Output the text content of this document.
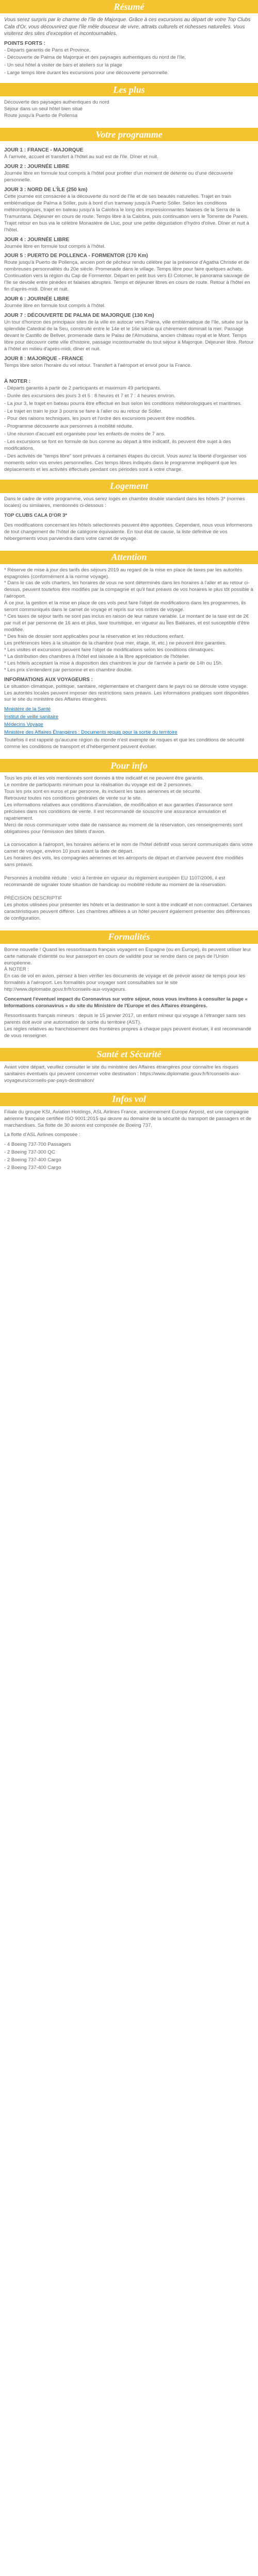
Résumé

Vous serez surpris par le charme de l'île de Majorque. Grâce à ces excursions au départ de votre Top Clubs Cala d'Or, vous découvrirez que l'île mêle douceur de vivre, attraits culturels et richesses naturelles. Vous visiterez des sites d'exception et incontournables.

POINTS FORTS :

- Départs garantis de Paris et Province,

- Découverte de Palma de Majorque et des paysages authentiques du nord de l'île,

- Un seul hôtel à visiter de bars et ateliers sur la plage

- Large temps libre durant les excursions pour une découverte personnelle.

Les plus

Découverte des paysages authentiques du nord
Séjour dans un seul hôtel bien situé
Route jusqu'à Puerto de Pollensa

Votre programme

JOUR 1 : FRANCE - MAJORQUE

À l'arrivée, accueil et transfert à l'hôtel au sud est de l'île. Dîner et nuit.

JOUR 2 : JOURNÉE LIBRE

Journée libre en formule tout compris à l'hôtel pour profiter d'un moment de détente ou d'une découverte personnelle.

JOUR 3 : NORD DE L'ÎLE (250 km)

Cette journée est consacrée à la découverte du nord de l'île et de ses beautés naturelles. Trajet en train emblématique de Palma à Sóller, puis à bord d'un tramway jusqu'à Puerto Sóller. Selon les conditions météorologiques, trajet en bateau jusqu'à la Calobra le long des impressionnantes falaises de la Serra de la Tramuntana. Déjeuner en cours de route. Temps libre à la Calobra, puis continuation vers le Torrente de Pareis. Trajet retour en bus via le célèbre Monastère de Lluc, pour une petite dégustation d'hydro d'olive. Dîner et nuit à l'hôtel.

JOUR 4 : JOURNÉE LIBRE

Journée libre en formule tout compris à l'hôtel.

JOUR 5 : PUERTO DE POLLENCA - FORMENTOR (170 Km)

Route jusqu'à Puerto de Pollença, ancien port de pêcheur rendu célèbre par la présence d'Agatha Christie et de nombreuses personnalités du 20e siècle. Promenade dans le village. Temps libre pour faire quelques achats. Continuation vers la région du Cap de Formentor. Départ en petit bus vers El Colomer, le panorama sauvage de l'île se devoile entre pinèdes et falaises abruptes. Temps et déjeuner libres en cours de route. Retour à l'hôtel en fin d'après-midi. Dîner et nuit.

JOUR 6 : JOURNÉE LIBRE

Journée libre en formule tout compris à l'hôtel.

JOUR 7 : DÉCOUVERTE DE PALMA DE MAJORQUE (130 Km)

Un tour d'horizon des principaux sites de la ville en autocar vers Palma, ville emblématique de l'île, située sur la splendide Catedral de la Seu, construite entre le 14e et le 16e siècle qui chèrement dominait la mer. Passage devant le Castillo de Bellver, promenade dans le Palau de l'Almudaina, ancien château royal et le Mont. Temps libre pour découvrir cette ville d'histoire, passage incontournable du tout séjour à Majorque. Déjeuner libre. Retour à l'hôtel en milieu d'après-midi, dîner et nuit.

JOUR 8 : MAJORQUE - FRANCE

Temps libre selon l'horaire du vol retour. Transfert à l'aéroport et envol pour la France.

À NOTER :

- Départs garantis à partir de 2 participants et maximum 49 participants.

- Durée des excursions des jours 3 et 5 : 8 heures et 7 et 7 : 4 heures environ.

- La jour 3, le trajet en bateau pourra être effectué en bus selon les conditions météorologiques et maritimes.

- Le trajet en train le jour 3 pourra se faire à l'aller ou au retour de Sóller.

- Pour des raisons techniques, les jours et l'ordre des excursions peuvent être modifiés.

- Programme découverte aux personnes à mobilité réduite.

- Une réunion d'accueil est organisée pour les enfants de moins de 7 ans.

- Les excursions se font en formule de bus comme au départ à titre indicatif, ils peuvent être sujet à des modifications.

- Des activités de "temps libre" sont prévues à certaines étapes du circuit. Vous aurez la liberté d'organiser vos moments selon vos envies personnelles. Ces temps libres indiqués dans le programme impliquent que les déplacements et les activités éffectués pendant ces périodes sont à votre charge.

Logement

Dans le cadre de votre programme, vous serez logés en chambre double standard dans les hôtels 3* (normes locales) ou similaires, mentionnés ci-dessous :

TOP CLUBS CALA D'OR 3*

Des modifications concernant les hôtels sélectionnés peuvent être apportées. Cependant, nous vous informerons de tout changement de l'hôtel de catégorie équivalente. En tout état de cause, la liste définitive de vos hébergements vous parviendra dans votre carnet de voyage.

Attention

* Réserve de mise à jour des tarifs des séjours 2019 au regard de la mise en place de taxes par les autorités espagnoles (conformément à la norme voyage).
* Dans le cas de vols charters, les horaires de vous ne sont déterminés dans les horaires à l'aller et au retour ci-dessus, peuvent toutefois être modifiés par la compagnie et qu'il faut préavis de vos horaires le plus tôt possible à l'aéroport.
À ce jour, la gestion et la mise en place de ces vols peut faire l'objet de modifications dans les programmes, ils seront communiqués dans le carnet de voyage et repris sur vos ordres de voyage.
* Ces taxes de séjour tarifs ne sont pas inclus en raison de leur nature variable. Le montant de la taxe est de 2€ par nuit et par personne de 16 ans et plus, taxe touristique, en vigueur au Îles Baléares, et est susceptible d'être modifiée.
* Des frais de dossier sont applicables pour la réservation et les réductions enfant.
Les préférences liées à la situation de la chambre (vue mer, étage, lit, etc.) ne peuvent être garanties.
* Les visites et excursions peuvent faire l'objet de modifications selon les conditions climatiques.
* La distribution des chambres à l'hôtel est laissée à la libre appréciation de l'hôtelier.
* Les hôtels acceptant la mise à disposition des chambres le jour de l'arrivée à partir de 14h ou 15h.
* Les prix s'entendent par personne et en chambre double.

INFORMATIONS AUX VOYAGEURS :

Le situation climatique, politique, sanitaire, réglementaire et changent dans le pays où se déroule votre voyage. Les autorités locales peuvent imposer des restrictions sans préavis. Les informations pratiques sont disponibles sur le site du ministère des Affaires étrangères.

Ministère de la Santé

Institut de veille sanitaire

Médecins Voyage

Ministère des Affaires Étrangères : Documents requis pour la sortie du territoire

Toutefois il est rappelé qu'aucune région du monde n'est exempte de risques et que les conditions de sécurité comme les conditions de transport et d'hébergement peuvent évoluer.

Pour info

Tous les prix et les vols mentionnés sont donnés à titre indicatif et ne peuvent être garantis.
Le nombre de participants minimum pour la réalisation du voyage est de 2 personnes.
Tous les prix sont en euros et par personne, ils incluent les taxes aériennes et de sécurité.
Retrouvez toutes nos conditions générales de vente sur le site.
Les informations relatives aux conditions d'annulation, de modification et aux garanties d'assurance sont précisées dans nos conditions de vente. Il est recommandé de souscrire une assurance annulation et rapatriement.
Merci de nous communiquer votre date de naissance au moment de la réservation, ces renseignements sont obligatoires pour l'émission des billets d'avion.

La convocation à l'aéroport, les horaires aériens et le nom de l'hôtel définitif vous seront communiqués dans votre carnet de voyage, environ 10 jours avant la date de départ.
Les horaires des vols, les compagnies aériennes et les aéroports de départ et d'arrivée peuvent être modifiés sans préavis.

Personnes à mobilité réduite : voici à l'entrée en vigueur du règlement européen EU 1107/2006, il est recommandé de signaler toute situation de handicap ou mobilité réduite au moment de la réservation.

PRÉCISION DESCRIPTIF
Les photos utilisées pour présenter les hôtels et la destination le sont à titre indicatif et non contractuel. Certaines caractéristiques peuvent différer. Les chambres affiliées à un hôtel peuvent également présenter des différences de configuration.

Formalités

Bonne nouvelle ! Quand les ressortissants français voyagent en Espagne (ou en Europe), ils peuvent utiliser leur carte nationale d'identité ou leur passeport en cours de validité pour se rendre dans ce pays de l'Union européenne.
À NOTER :
En cas de vol en avion, pensez à bien vérifier les documents de voyage et de prévoir assez de temps pour les formalités à l'aéroport. Les formalités pour voyager sont consultables sur le site http://www.diplomatie.gouv.fr/fr/conseils-aux-voyageurs.

Concernant l'éventuel impact du Coronavirus sur votre séjour, nous vous invitons à consulter la page « Informations coronavirus » du site du Ministère de l'Europe et des Affaires étrangères.

Ressortissants français mineurs : depuis le 15 janvier 2017, un enfant mineur qui voyage à l'étranger sans ses parents doit avoir une autorisation de sortie du territoire (AST).
Les règles relatives au franchissement des frontières propres à chaque pays peuvent évoluer, il est recommandé de vous renseigner.

Santé et Sécurité

Avant votre départ, veuillez consulter le site du ministère des Affaires étrangères pour connaître les risques sanitaires éventuels qui peuvent concerner votre destination : https://www.diplomatie.gouv.fr/fr/conseils-aux-voyageurs/conseils-par-pays-destination/

Infos vol

Filiale du groupe KSI, Aviation Holdings, ASL Airlines France, anciennement Europe Airpost, est une compagnie aérienne française certifiée ISO 9001:2015 qui œuvre au domaine de la sécurité du transport de passagers et de marchandises. Sa flotte de 30 avions est composée de Boeing 737.

La flotte d'ASL Airlines composée :

- 4 Boeing 737-700 Passagers

- 2 Boeing 737-300 QC

- 2 Boeing 737-400 Cargo

- 2 Boeing 737-400 Cargo
